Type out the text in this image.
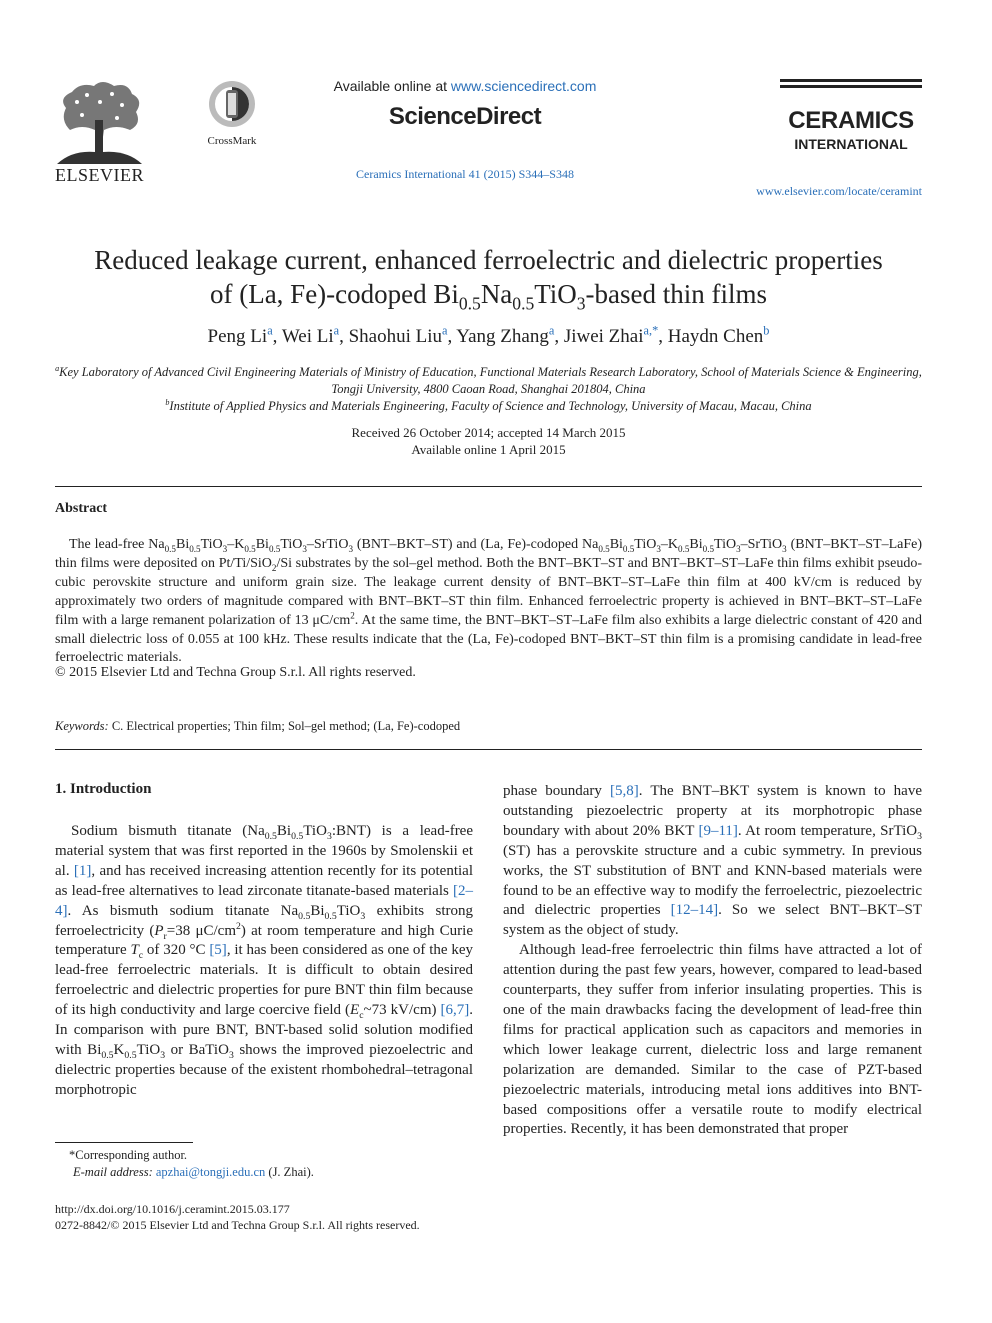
ELSEVIER
CrossMark
Available online at www.sciencedirect.com
ScienceDirect
Ceramics International 41 (2015) S344–S348
CERAMICS
INTERNATIONAL
www.elsevier.com/locate/ceramint
Reduced leakage current, enhanced ferroelectric and dielectric properties
of (La, Fe)-codoped $Bi_{0.5}Na_{0.5}TiO_3$-based thin films
Peng Li$^a$, Wei Li$^a$, Shaohui Liu$^a$, Yang Zhang$^a$, Jiwei Zhai$^{a,*}$, Haydn Chen$^b$
$^a$Key Laboratory of Advanced Civil Engineering Materials of Ministry of Education, Functional Materials Research Laboratory, School of Materials Science & Engineering, Tongji University, 4800 Caoan Road, Shanghai 201804, China
$^b$Institute of Applied Physics and Materials Engineering, Faculty of Science and Technology, University of Macau, Macau, China
Received 26 October 2014; accepted 14 March 2015
Available online 1 April 2015
Abstract
The lead-free $Na_{0.5}Bi_{0.5}TiO_3-K_{0.5}Bi_{0.5}TiO_3-SrTiO_3$ (BNT–BKT–ST) and (La, Fe)-codoped $Na_{0.5}Bi_{0.5}TiO_3-K_{0.5}Bi_{0.5}TiO_3-SrTiO_3$ (BNT–BKT–ST–LaFe) thin films were deposited on Pt/Ti/SiO$_2$/Si substrates by the sol–gel method. Both the BNT–BKT–ST and BNT–BKT–ST–LaFe thin films exhibit pseudo-cubic perovskite structure and uniform grain size. The leakage current density of BNT–BKT–ST–LaFe thin film at 400 kV/cm is reduced by approximately two orders of magnitude compared with BNT–BKT–ST thin film. Enhanced ferroelectric property is achieved in BNT–BKT–ST–LaFe film with a large remanent polarization of 13 $\mu C/cm^2$. At the same time, the BNT–BKT–ST–LaFe film also exhibits a large dielectric constant of 420 and small dielectric loss of 0.055 at 100 kHz. These results indicate that the (La, Fe)-codoped BNT–BKT–ST thin film is a promising candidate in lead-free ferroelectric materials.
© 2015 Elsevier Ltd and Techna Group S.r.l. All rights reserved.
Keywords: C. Electrical properties; Thin film; Sol–gel method; (La, Fe)-codoped
1. Introduction

Sodium bismuth titanate $(Na_{0.5}Bi_{0.5}TiO_3:BNT)$ is a lead-free material system that was first reported in the 1960s by Smolenskii et al. [1], and has received increasing attention recently for its potential as lead-free alternatives to lead zirconate titanate-based materials [2–4]. As bismuth sodium titanate $Na_{0.5}Bi_{0.5}TiO_3$ exhibits strong ferroelectricity ($P_r=38$ $\mu C/cm^2$) at room temperature and high Curie temperature $T_c$ of 320 °C [5], it has been considered as one of the key lead-free ferroelectric materials. It is difficult to obtain desired ferroelectric and dielectric properties for pure BNT thin film because of its high conductivity and large coercive field ($E_c\sim 73$ kV/cm) [6,7]. In comparison with pure BNT, BNT-based solid solution modified with $Bi_{0.5}K_{0.5}TiO_3$ or BaTiO$_3$ shows the improved piezoelectric and dielectric properties because of the existent rhombohedral–tetragonal morphotropic

phase boundary [5,8]. The BNT–BKT system is known to have outstanding piezoelectric property at its morphotropic phase boundary with about 20% BKT [9–11]. At room temperature, SrTiO$_3$ (ST) has a perovskite structure and a cubic symmetry. In previous works, the ST substitution of BNT and KNN-based materials were found to be an effective way to modify the ferroelectric, piezoelectric and dielectric properties [12–14]. So we select BNT–BKT–ST system as the object of study.

Although lead-free ferroelectric thin films have attracted a lot of attention during the past few years, however, compared to lead-based counterparts, they suffer from inferior insulating properties. This is one of the main drawbacks facing the development of lead-free thin films for practical application such as capacitors and memories in which lower leakage current, dielectric loss and large remanent polarization are demanded. Similar to the case of PZT-based piezoelectric materials, introducing metal ions additives into BNT-based compositions offer a versatile route to modify electrical properties. Recently, it has been demonstrated that proper

*Corresponding author.
E-mail address: apzhai@tongji.edu.cn (J. Zhai).
http://dx.doi.org/10.1016/j.ceramint.2015.03.177
0272-8842/© 2015 Elsevier Ltd and Techna Group S.r.l. All rights reserved.
